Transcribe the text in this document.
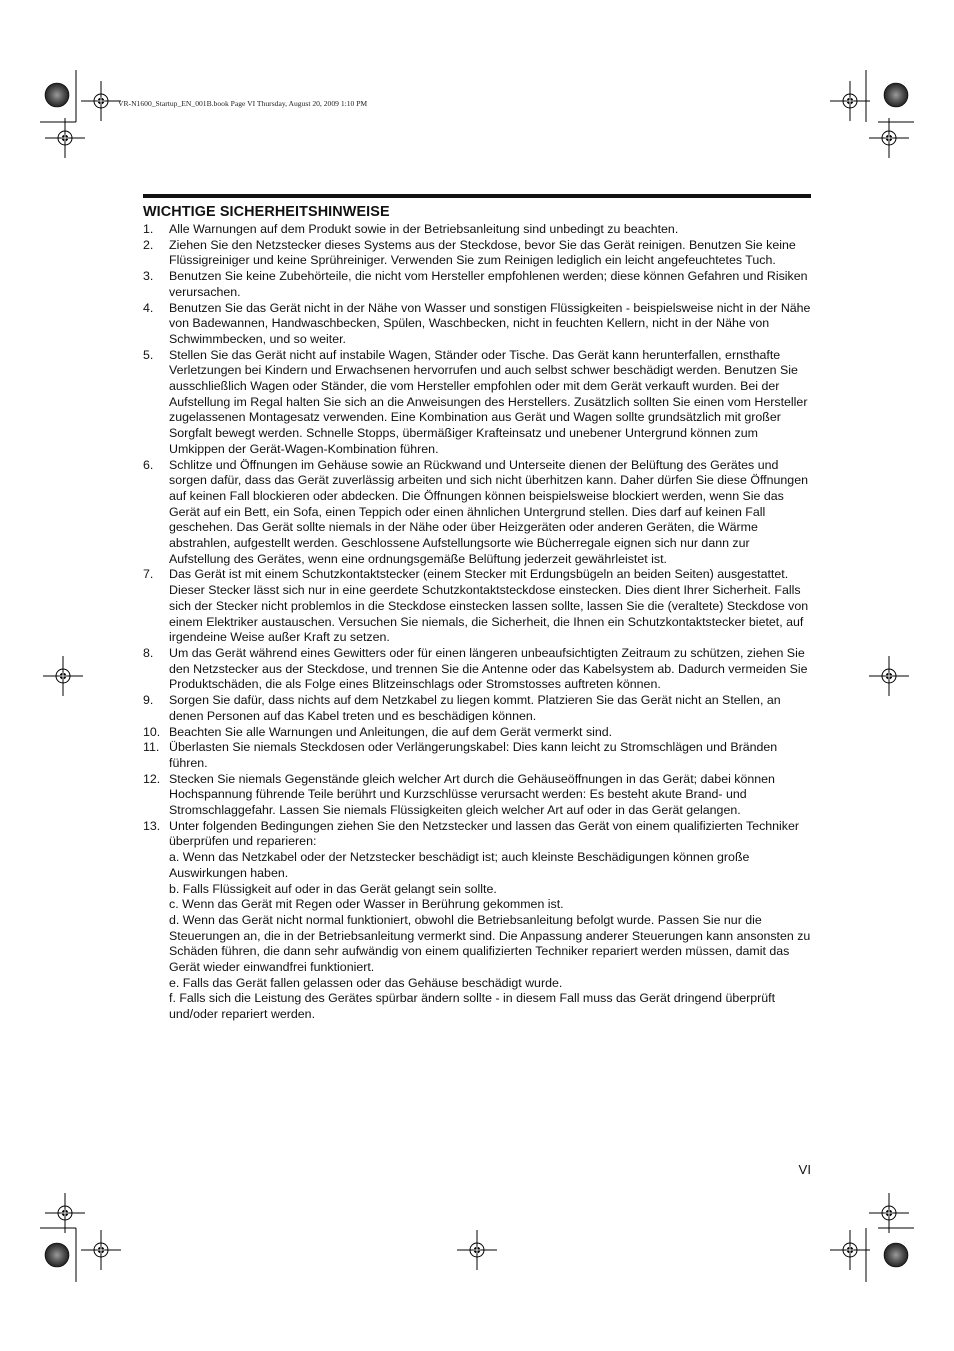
VR-N1600_Startup_EN_001B.book Page VI Thursday, August 20, 2009 1:10 PM
WICHTIGE SICHERHEITSHINWEISE
1.	Alle Warnungen auf dem Produkt sowie in der Betriebsanleitung sind unbedingt zu beachten.
2.	Ziehen Sie den Netzstecker dieses Systems aus der Steckdose, bevor Sie das Gerät reinigen. Benutzen Sie keine Flüssigreiniger und keine Sprühreiniger. Verwenden Sie zum Reinigen lediglich ein leicht angefeuchtetes Tuch.
3.	Benutzen Sie keine Zubehörteile, die nicht vom Hersteller empfohlenen werden; diese können Gefahren und Risiken verursachen.
4.	Benutzen Sie das Gerät nicht in der Nähe von Wasser und sonstigen Flüssigkeiten - beispielsweise nicht in der Nähe von Badewannen, Handwaschbecken, Spülen, Waschbecken, nicht in feuchten Kellern, nicht in der Nähe von Schwimmbecken, und so weiter.
5.	Stellen Sie das Gerät nicht auf instabile Wagen, Ständer oder Tische. Das Gerät kann herunterfallen, ernsthafte Verletzungen bei Kindern und Erwachsenen hervorrufen und auch selbst schwer beschädigt werden. Benutzen Sie ausschließlich Wagen oder Ständer, die vom Hersteller empfohlen oder mit dem Gerät verkauft wurden. Bei der Aufstellung im Regal halten Sie sich an die Anweisungen des Herstellers. Zusätzlich sollten Sie einen vom Hersteller zugelassenen Montagesatz verwenden. Eine Kombination aus Gerät und Wagen sollte grundsätzlich mit großer Sorgfalt bewegt werden. Schnelle Stopps, übermäßiger Krafteinsatz und unebener Untergrund können zum Umkippen der Gerät-Wagen-Kombination führen.
6.	Schlitze und Öffnungen im Gehäuse sowie an Rückwand und Unterseite dienen der Belüftung des Gerätes und sorgen dafür, dass das Gerät zuverlässig arbeiten und sich nicht überhitzen kann. Daher dürfen Sie diese Öffnungen auf keinen Fall blockieren oder abdecken. Die Öffnungen können beispielsweise blockiert werden, wenn Sie das Gerät auf ein Bett, ein Sofa, einen Teppich oder einen ähnlichen Untergrund stellen. Dies darf auf keinen Fall geschehen. Das Gerät sollte niemals in der Nähe oder über Heizgeräten oder anderen Geräten, die Wärme abstrahlen, aufgestellt werden. Geschlossene Aufstellungsorte wie Bücherregale eignen sich nur dann zur Aufstellung des Gerätes, wenn eine ordnungsgemäße Belüftung jederzeit gewährleistet ist.
7.	Das Gerät ist mit einem Schutzkontaktstecker (einem Stecker mit Erdungsbügeln an beiden Seiten) ausgestattet. Dieser Stecker lässt sich nur in eine geerdete Schutzkontaktsteckdose einstecken. Dies dient Ihrer Sicherheit. Falls sich der Stecker nicht problemlos in die Steckdose einstecken lassen sollte, lassen Sie die (veraltete) Steckdose von einem Elektriker austauschen. Versuchen Sie niemals, die Sicherheit, die Ihnen ein Schutzkontaktstecker bietet, auf irgendeine Weise außer Kraft zu setzen.
8.	Um das Gerät während eines Gewitters oder für einen längeren unbeaufsichtigten Zeitraum zu schützen, ziehen Sie den Netzstecker aus der Steckdose, und trennen Sie die Antenne oder das Kabelsystem ab. Dadurch vermeiden Sie Produktschäden, die als Folge eines Blitzeinschlags oder Stromstosses auftreten können.
9.	Sorgen Sie dafür, dass nichts auf dem Netzkabel zu liegen kommt. Platzieren Sie das Gerät nicht an Stellen, an denen Personen auf das Kabel treten und es beschädigen können.
10. Beachten Sie alle Warnungen und Anleitungen, die auf dem Gerät vermerkt sind.
11. Überlasten Sie niemals Steckdosen oder Verlängerungskabel: Dies kann leicht zu Stromschlägen und Bränden führen.
12. Stecken Sie niemals Gegenstände gleich welcher Art durch die Gehäuseöffnungen in das Gerät; dabei können Hochspannung führende Teile berührt und Kurzschlüsse verursacht werden: Es besteht akute Brand- und Stromschlaggefahr. Lassen Sie niemals Flüssigkeiten gleich welcher Art auf oder in das Gerät gelangen.
13. Unter folgenden Bedingungen ziehen Sie den Netzstecker und lassen das Gerät von einem qualifizierten Techniker überprüfen und reparieren:
a. Wenn das Netzkabel oder der Netzstecker beschädigt ist; auch kleinste Beschädigungen können große Auswirkungen haben.
b. Falls Flüssigkeit auf oder in das Gerät gelangt sein sollte.
c. Wenn das Gerät mit Regen oder Wasser in Berührung gekommen ist.
d. Wenn das Gerät nicht normal funktioniert, obwohl die Betriebsanleitung befolgt wurde. Passen Sie nur die Steuerungen an, die in der Betriebsanleitung vermerkt sind. Die Anpassung anderer Steuerungen kann ansonsten zu Schäden führen, die dann sehr aufwändig von einem qualifizierten Techniker repariert werden müssen, damit das Gerät wieder einwandfrei funktioniert.
e. Falls das Gerät fallen gelassen oder das Gehäuse beschädigt wurde.
f. Falls sich die Leistung des Gerätes spürbar ändern sollte - in diesem Fall muss das Gerät dringend überprüft und/oder repariert werden.
VI
